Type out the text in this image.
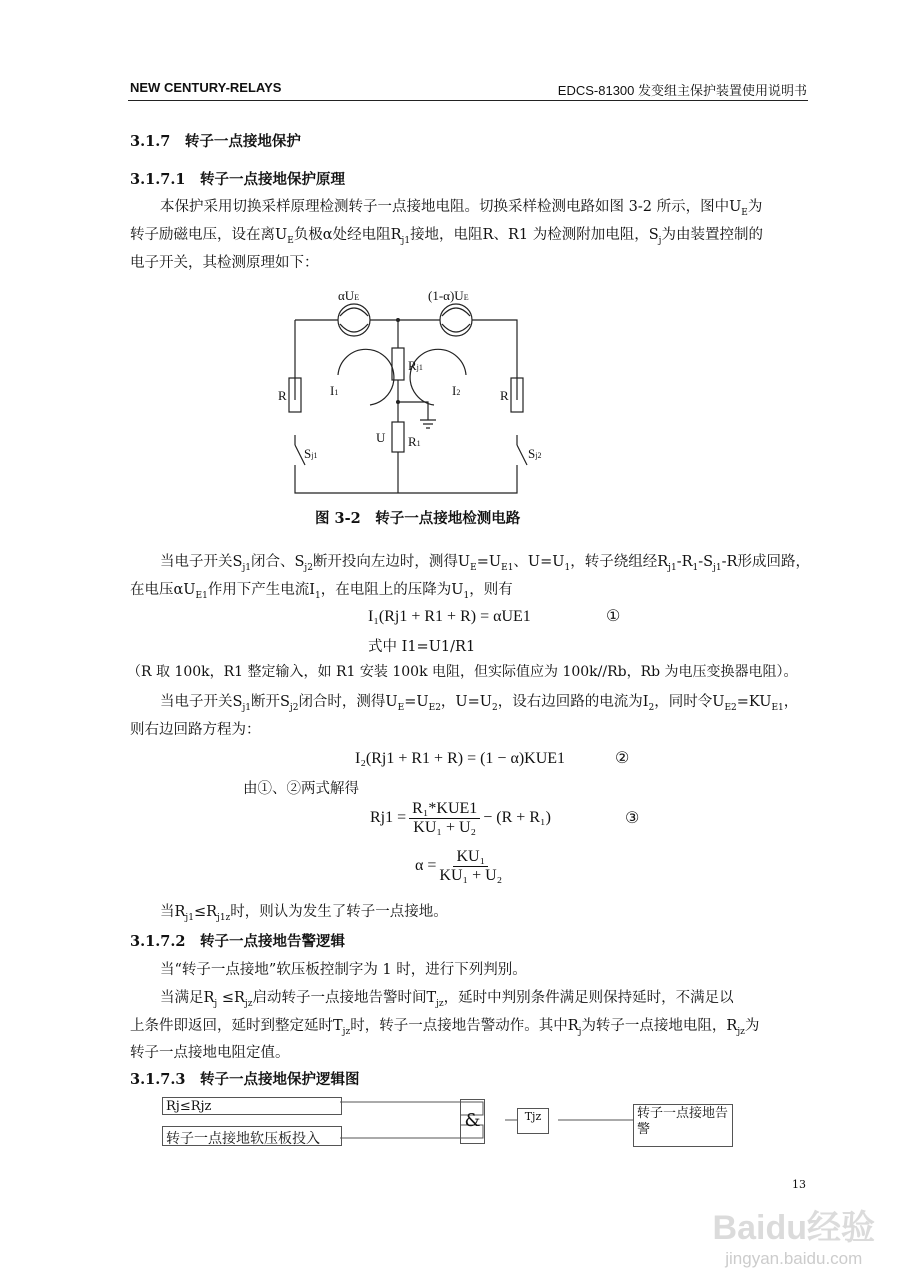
NEW CENTURY-RELAYS	EDCS-81300 发变组主保护装置使用说明书
3.1.7　转子一点接地保护
3.1.7.1　转子一点接地保护原理
本保护采用切换采样原理检测转子一点接地电阻。切换采样检测电路如图 3-2 所示，图中$U_E$为
转子励磁电压，设在离$U_E$负极α处经电阻$R_{j1}$接地，电阻R、R1 为检测附加电阻，$S_j$为由装置控制的
电子开关，其检测原理如下：
αUE	(1-α)UE
R	R
Rj1
R1
U
I1	I2
Sj1	Sj2
图 3-2　转子一点接地检测电路
当电子开关$S_{j1}$闭合、$S_{j2}$断开投向左边时，测得$U_E=U_{E1}$、$U=U_1$，转子绕组经$R_{j1}-R_1-S_{j1}-R$形成回路，
在电压$\alpha U_{E1}$作用下产生电流$I_1$，在电阻上的压降为$U_1$，则有
I₁(Rj1 + R1 + R) = αUE1	①
式中 I1=U1/R1
（R 取 100k，R1 整定输入，如 R1 安装 100k 电阻，但实际值应为 100k//Rb，Rb 为电压变换器电阻）。
当电子开关$S_{j1}$断开$S_{j2}$闭合时，测得$U_E=U_{E2}$，$U=U_2$，设右边回路的电流为$I_2$，同时令$U_{E2}=KU_{E1}$，
则右边回路方程为：
I₂(Rj1 + R1 + R) = (1 − α)KUE1	②
由①、②两式解得
$Rj1 = \frac{\text{R₁*KUE1}}{\text{KU₁ + U₂}} - (R + R_1)$	③
$\alpha = \frac{\text{KU₁}}{\text{KU₁ + U₂}}$
当$R_{j1}\le R_{j1z}$时，则认为发生了转子一点接地。
3.1.7.2　转子一点接地告警逻辑
当“转子一点接地”软压板控制字为 1 时，进行下列判别。
当满足$R_j \le R_{jz}$启动转子一点接地告警时间$T_{jz}$，延时中判别条件满足则保持延时，不满足以
上条件即返回，延时到整定延时$T_{jz}$时，转子一点接地告警动作。其中$R_j$为转子一点接地电阻，$R_{jz}$为
转子一点接地电阻定值。
3.1.7.3　转子一点接地保护逻辑图
Rj≤Rjz
转子一点接地软压板投入
&	Tjz	转子一点接地告警
13
Baidu经验
jingyan.baidu.com
